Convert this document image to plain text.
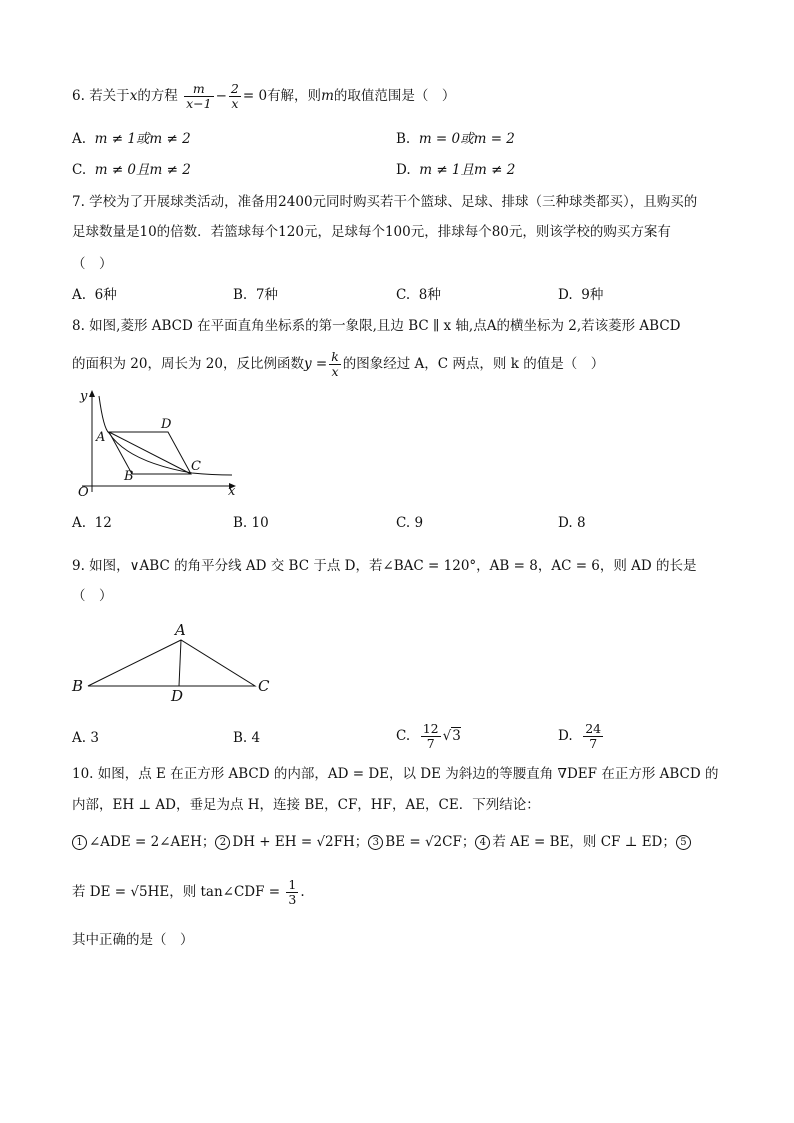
6. 若关于x的方程 $\frac{m}{x-1} - \frac{2}{x} = 0$有解，则m的取值范围是（　）
A. m ≠ 1或m ≠ 2	B. m = 0或m = 2
C. m ≠ 0且m ≠ 2	D. m ≠ 1且m ≠ 2
7. 学校为了开展球类活动，准备用2400元同时购买若干个篮球、足球、排球（三种球类都买），且购买的
足球数量是10的倍数．若篮球每个120元，足球每个100元，排球每个80元，则该学校的购买方案有
（　）
A. 6种	B. 7种	C. 8种	D. 9种
8. 如图,菱形 ABCD 在平面直角坐标系的第一象限,且边 BC ∥ x 轴,点A的横坐标为 2,若该菱形 ABCD
的面积为 20，周长为 20，反比例函数$y = \frac{k}{x}$ 的图象经过 A，C 两点，则 k 的值是（　）
y
x
O
A
B
C
D
A. 12	B. 10	C. 9	D. 8
9. 如图，∨ABC 的角平分线 AD 交 BC 于点 D，若∠BAC = 120°，AB = 8，AC = 6，则 AD 的长是
（　）
A
B	C
D
A. 3	B. 4	C. $\frac{12}{7} √3$	D. $\frac{24}{7}$
10. 如图，点 E 在正方形 ABCD 的内部，AD = DE，以 DE 为斜边的等腰直角 ∇DEF 在正方形 ABCD 的
内部，EH ⊥ AD，垂足为点 H，连接 BE，CF，HF，AE，CE．下列结论：
1 ∠ADE = 2∠AEH； 2 DH + EH = √2FH； 3 BE = √2CF； 4 若 AE = BE，则 CF ⊥ ED； 5
若 DE = √5HE，则 tan∠CDF = $\frac{1}{3}$ .
其中正确的是（　）
